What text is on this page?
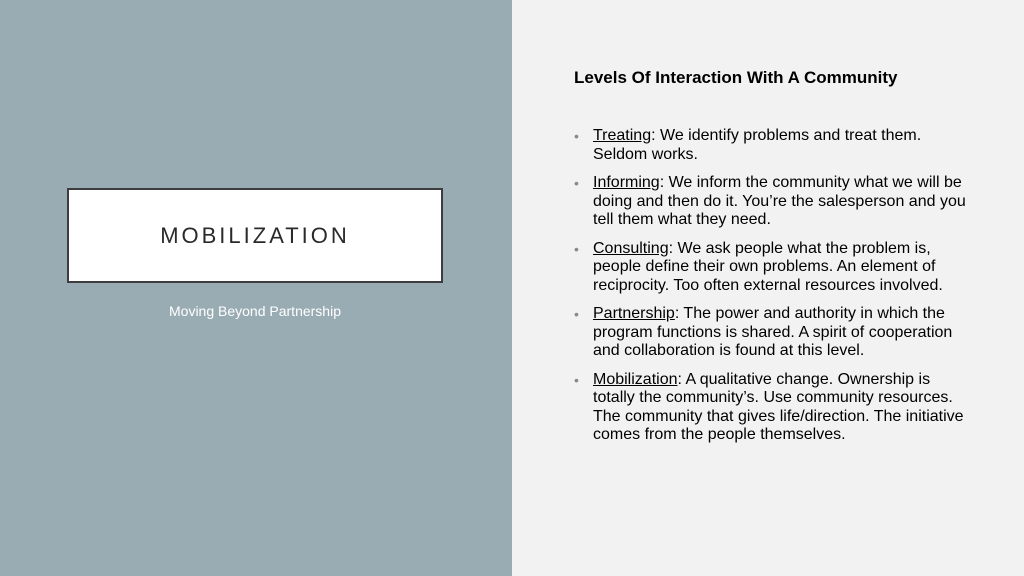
MOBILIZATION
Moving Beyond Partnership
Levels Of Interaction With A Community
• Treating: We identify problems and treat them. Seldom works.
• Informing: We inform the community what we will be doing and then do it. You’re the salesperson and you tell them what they need.
• Consulting: We ask people what the problem is, people define their own problems. An element of reciprocity. Too often external resources involved.
• Partnership: The power and authority in which the program functions is shared. A spirit of cooperation and collaboration is found at this level.
• Mobilization: A qualitative change. Ownership is totally the community’s. Use community resources. The community that gives life/direction. The initiative comes from the people themselves.
